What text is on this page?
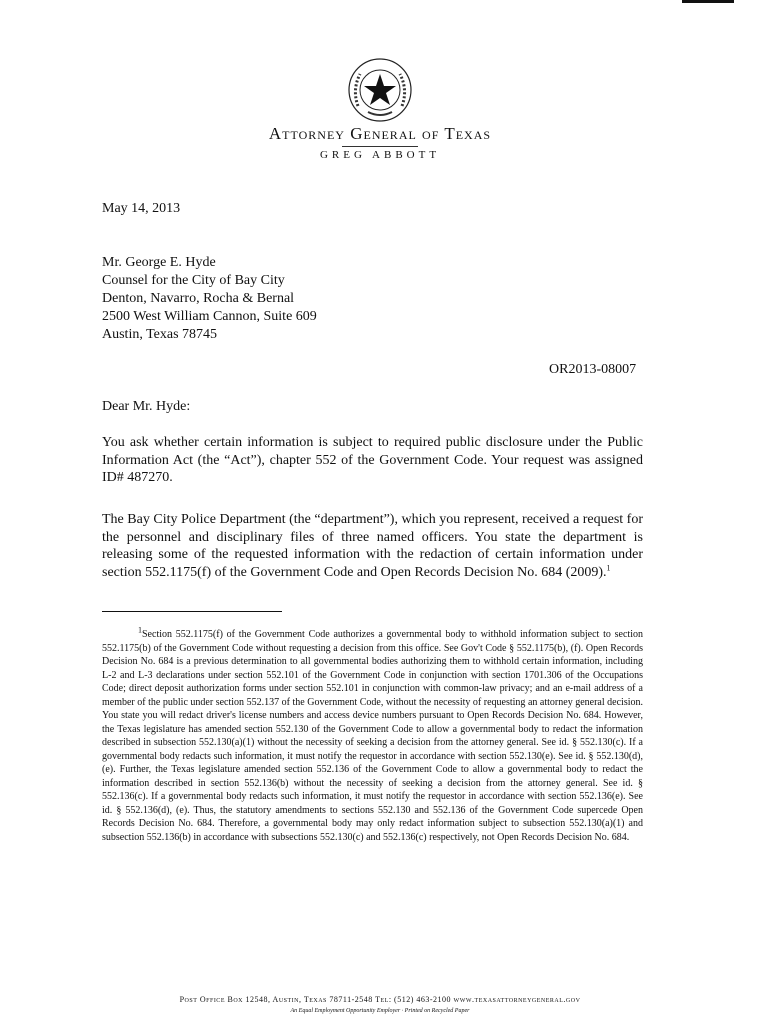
Attorney General of Texas

GREG ABBOTT

May 14, 2013
Mr. George E. Hyde
Counsel for the City of Bay City
Denton, Navarro, Rocha & Bernal
2500 West William Cannon, Suite 609
Austin, Texas 78745
OR2013-08007
Dear Mr. Hyde:

You ask whether certain information is subject to required public disclosure under the Public Information Act (the “Act”), chapter 552 of the Government Code. Your request was assigned ID# 487270.

The Bay City Police Department (the “department”), which you represent, received a request for the personnel and disciplinary files of three named officers. You state the department is releasing some of the requested information with the redaction of certain information under section 552.1175(f) of the Government Code and Open Records Decision No. 684 (2009).$^1$

$^1$Section 552.1175(f) of the Government Code authorizes a governmental body to withhold information subject to section 552.1175(b) of the Government Code without requesting a decision from this office. See Gov't Code § 552.1175(b), (f). Open Records Decision No. 684 is a previous determination to all governmental bodies authorizing them to withhold certain information, including L-2 and L-3 declarations under section 552.101 of the Government Code in conjunction with section 1701.306 of the Occupations Code; direct deposit authorization forms under section 552.101 in conjunction with common-law privacy; and an e-mail address of a member of the public under section 552.137 of the Government Code, without the necessity of requesting an attorney general decision. You state you will redact driver's license numbers and access device numbers pursuant to Open Records Decision No. 684. However, the Texas legislature has amended section 552.130 of the Government Code to allow a governmental body to redact the information described in subsection 552.130(a)(1) without the necessity of seeking a decision from the attorney general. See id. § 552.130(c). If a governmental body redacts such information, it must notify the requestor in accordance with section 552.130(e). See id. § 552.130(d), (e). Further, the Texas legislature amended section 552.136 of the Government Code to allow a governmental body to redact the information described in section 552.136(b) without the necessity of seeking a decision from the attorney general. See id. § 552.136(c). If a governmental body redacts such information, it must notify the requestor in accordance with section 552.136(e). See id. § 552.136(d), (e). Thus, the statutory amendments to sections 552.130 and 552.136 of the Government Code supercede Open Records Decision No. 684. Therefore, a governmental body may only redact information subject to subsection 552.130(a)(1) and subsection 552.136(b) in accordance with subsections 552.130(c) and 552.136(c) respectively, not Open Records Decision No. 684.

Post Office Box 12548, Austin, Texas 78711-2548 Tel: (512) 463-2100 www.texasattorneygeneral.gov
An Equal Employment Opportunity Employer · Printed on Recycled Paper
